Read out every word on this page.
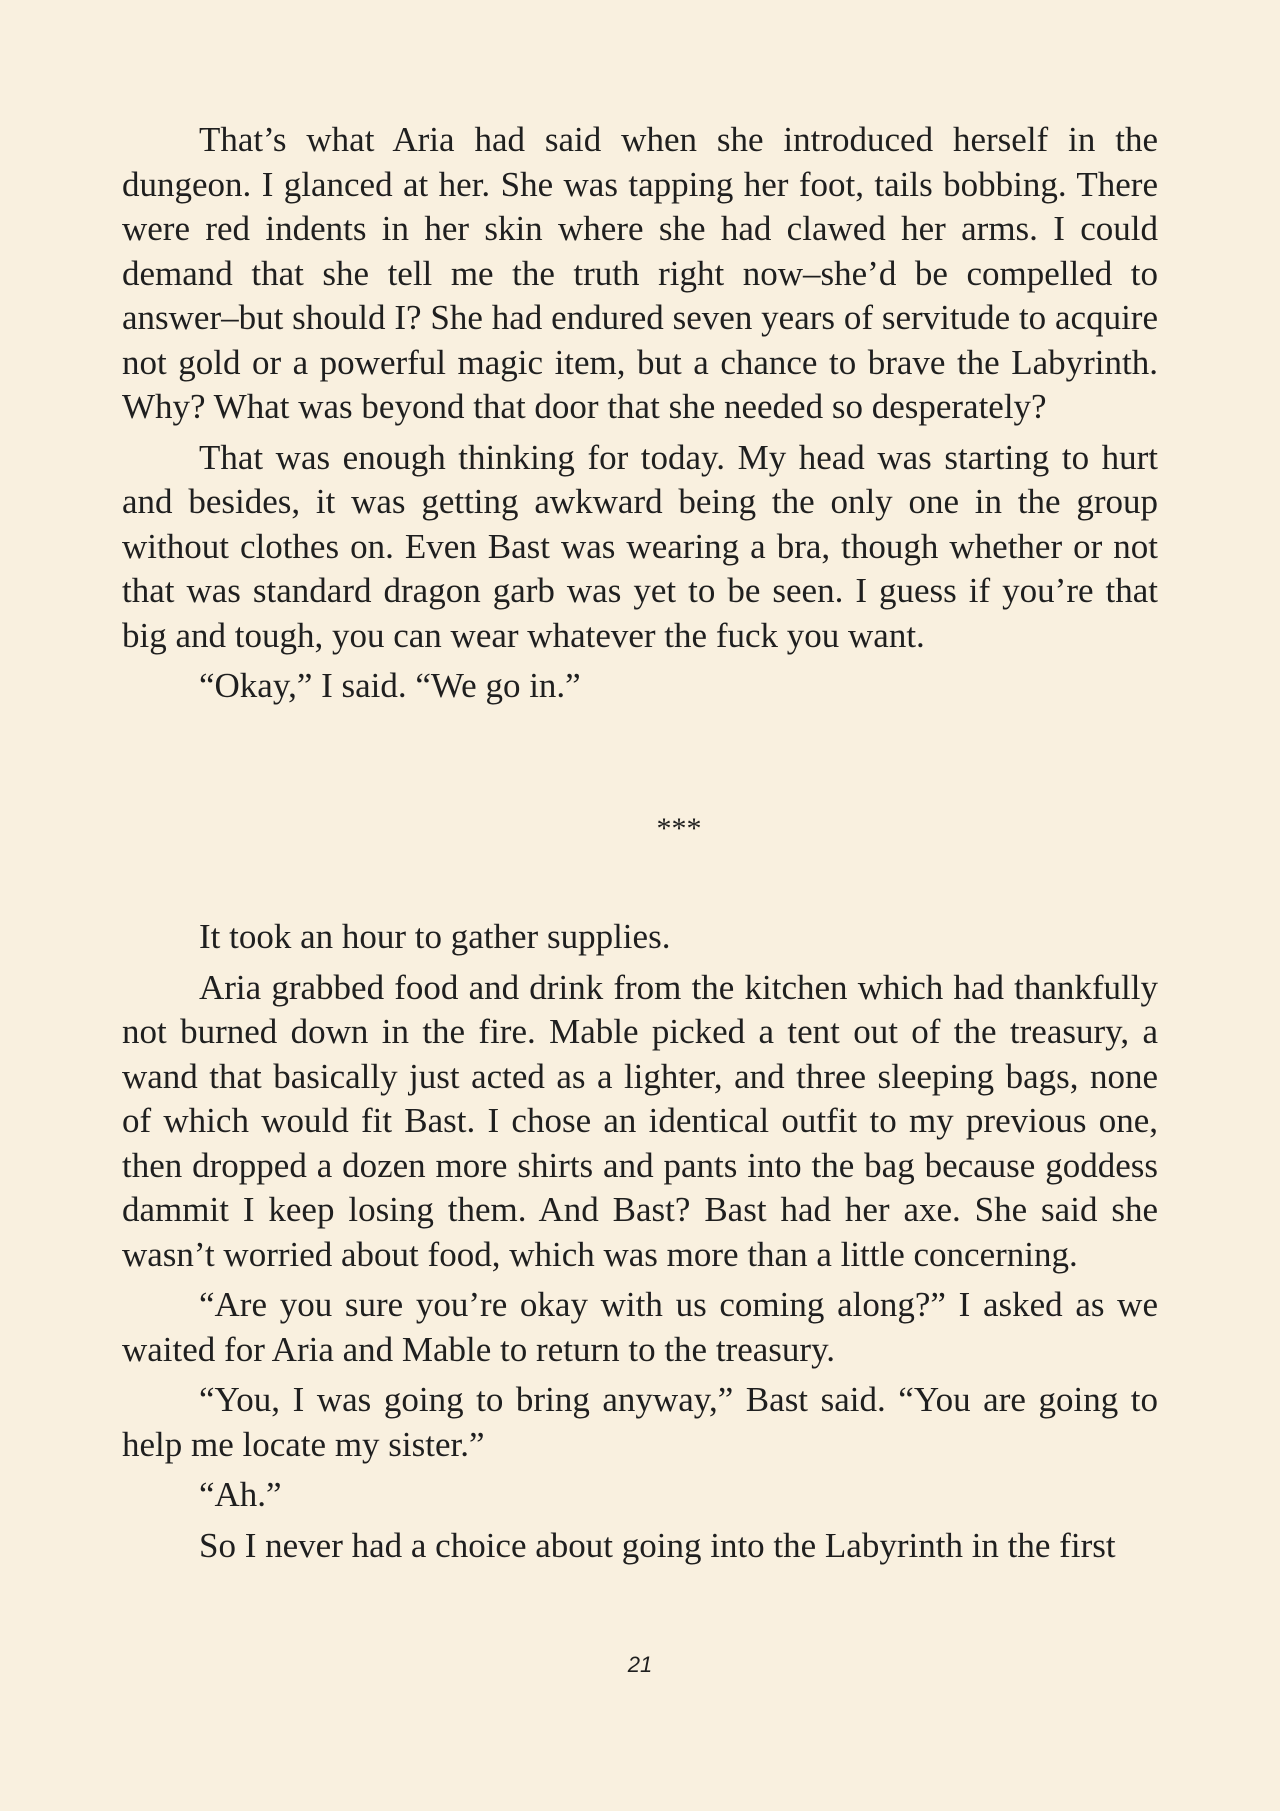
That’s what Aria had said when she introduced herself in the dungeon. I glanced at her. She was tapping her foot, tails bobbing. There were red indents in her skin where she had clawed her arms. I could demand that she tell me the truth right now–she’d be compelled to answer–but should I? She had endured seven years of servitude to acquire not gold or a powerful magic item, but a chance to brave the Labyrinth. Why? What was beyond that door that she needed so desperately?

That was enough thinking for today. My head was starting to hurt and besides, it was getting awkward being the only one in the group without clothes on. Even Bast was wearing a bra, though whether or not that was standard dragon garb was yet to be seen. I guess if you’re that big and tough, you can wear whatever the fuck you want.

“Okay,” I said. “We go in.”

***

It took an hour to gather supplies.

Aria grabbed food and drink from the kitchen which had thankfully not burned down in the fire. Mable picked a tent out of the treasury, a wand that basically just acted as a lighter, and three sleeping bags, none of which would fit Bast. I chose an identical outfit to my previous one, then dropped a dozen more shirts and pants into the bag because goddess dammit I keep losing them. And Bast? Bast had her axe. She said she wasn’t worried about food, which was more than a little concerning.

“Are you sure you’re okay with us coming along?” I asked as we waited for Aria and Mable to return to the treasury.

“You, I was going to bring anyway,” Bast said. “You are going to help me locate my sister.”

“Ah.”

So I never had a choice about going into the Labyrinth in the first

21
